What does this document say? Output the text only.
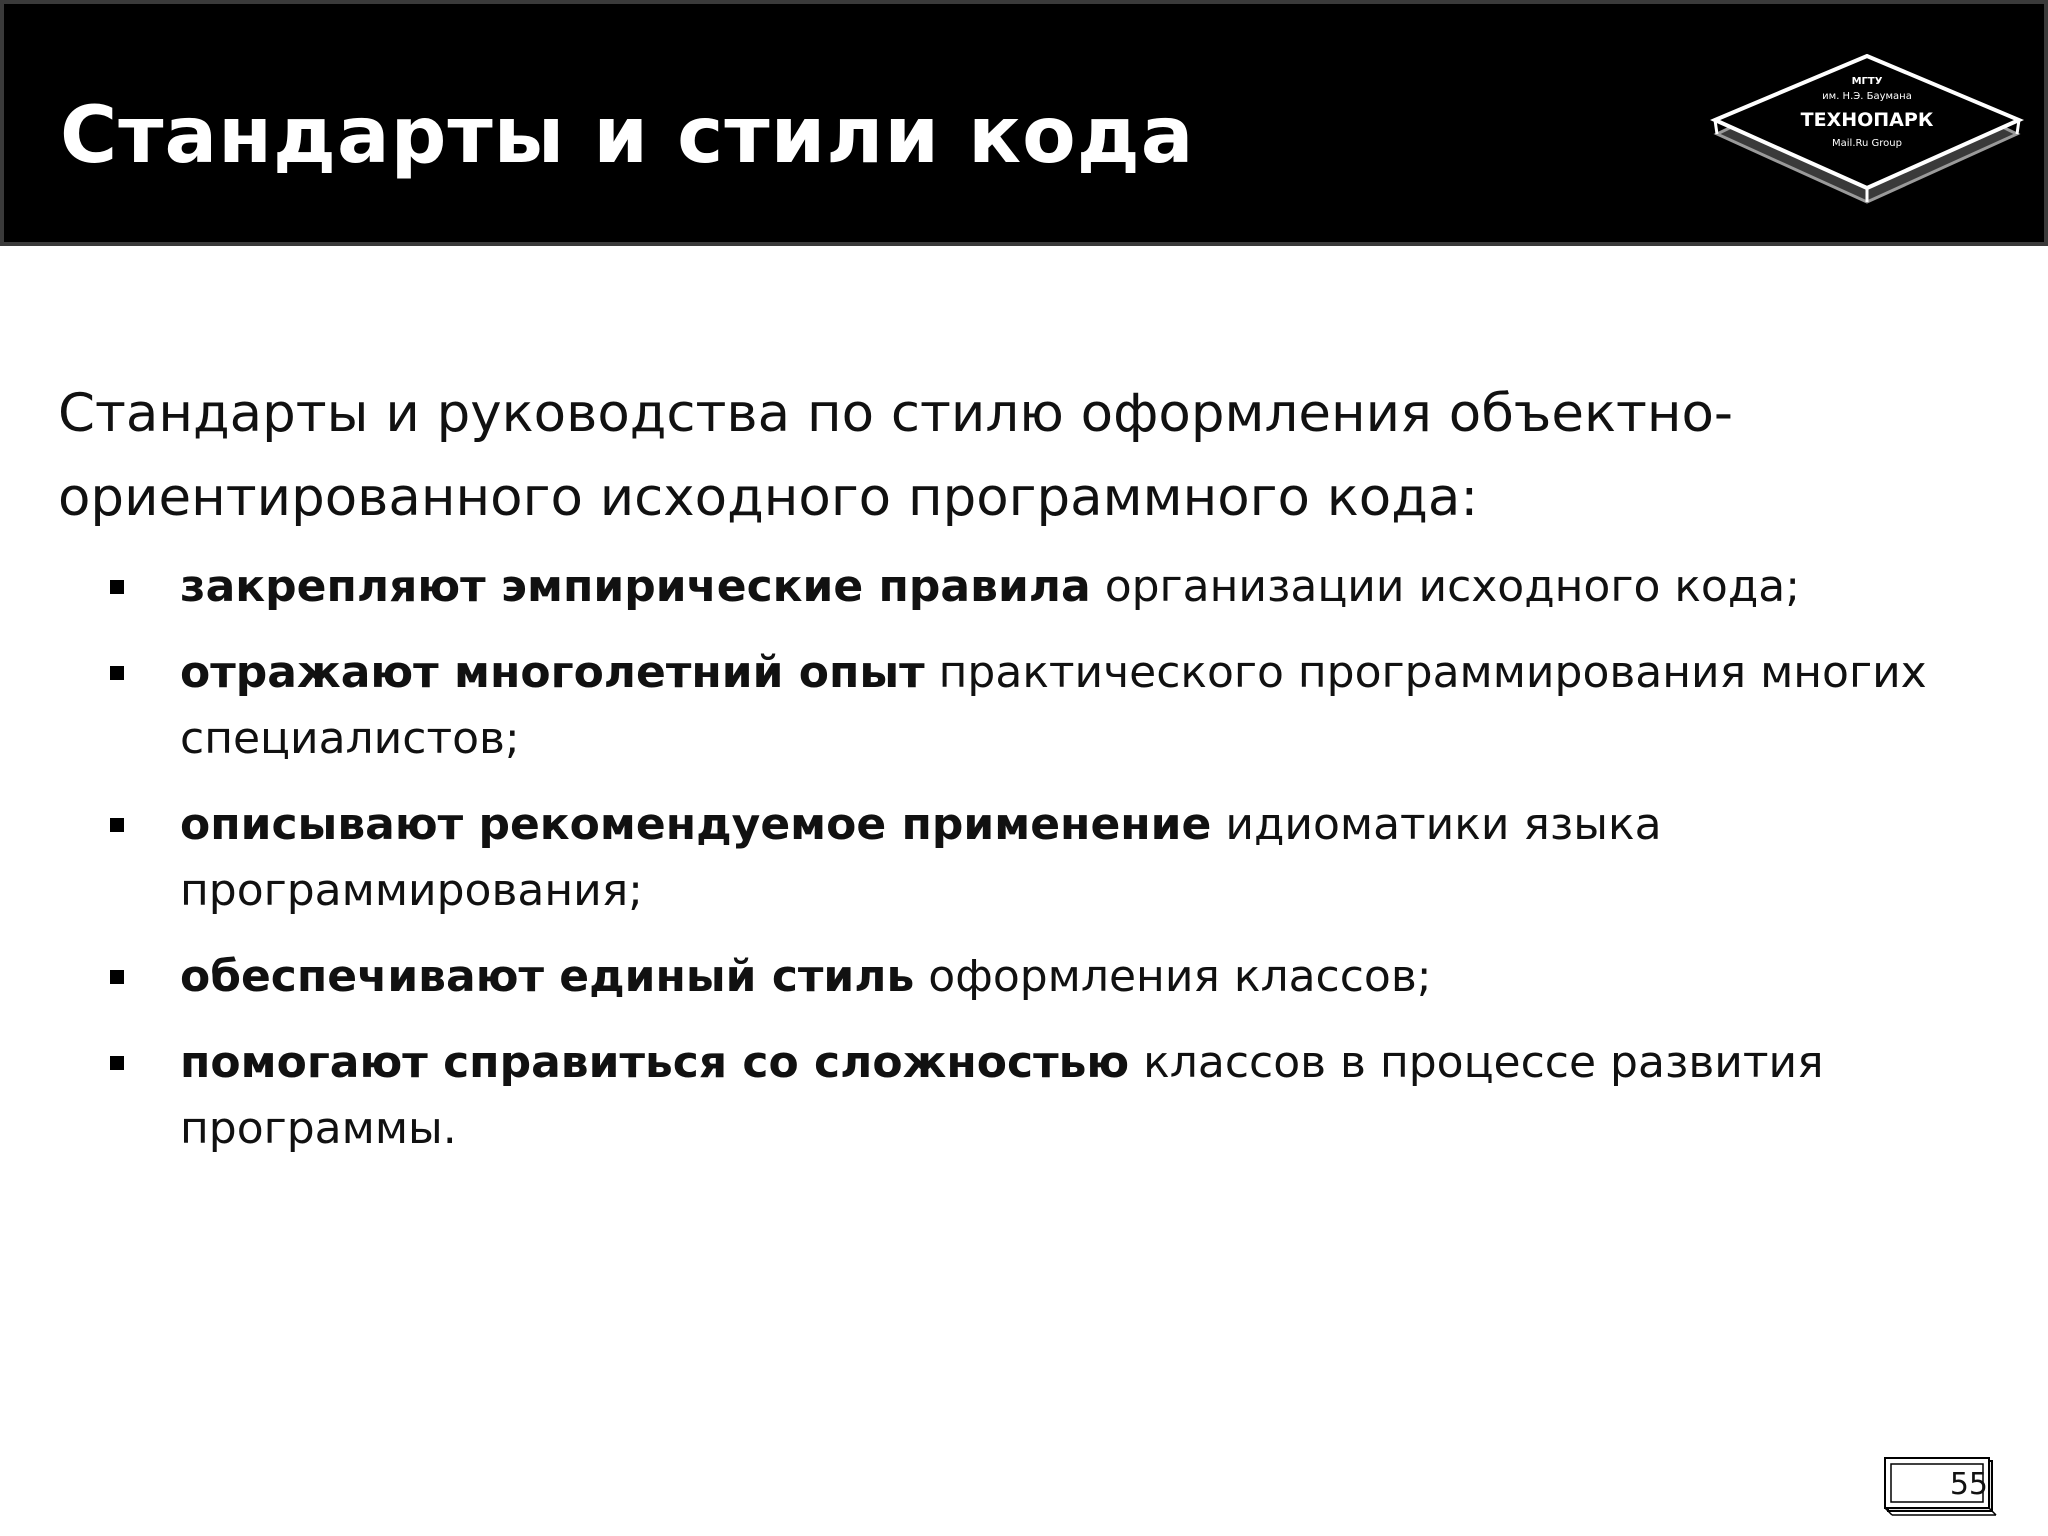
Стандарты и стили кода
МГТУ
им. Н.Э. Баумана
ТЕХНОПАРК
Mail.Ru Group

Стандарты и руководства по стилю оформления объектно-ориентированного исходного программного кода:

закрепляют эмпирические правила организации исходного кода;
отражают многолетний опыт практического программирования многих специалистов;
описывают рекомендуемое применение идиоматики языка программирования;
обеспечивают единый стиль оформления классов;
помогают справиться со сложностью классов в процессе развития программы.
55
